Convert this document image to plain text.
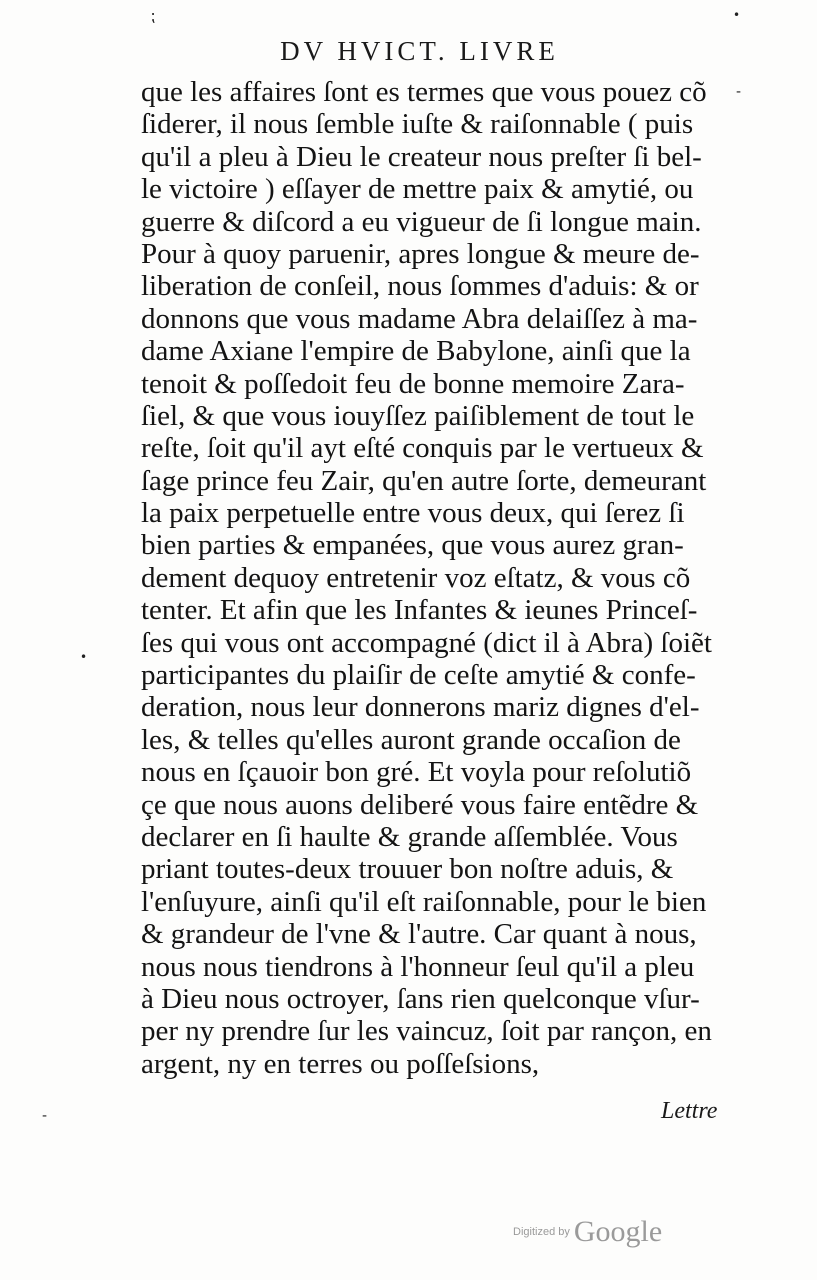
DV HVICT. LIVRE
que les affaires ſont es termes que vous pouez cõ
ſiderer, il nous ſemble iuſte & raiſonnable ( puis
qu'il a pleu à Dieu le createur nous preſter ſi bel-
le victoire ) eſſayer de mettre paix & amytié, ou
guerre & diſcord a eu vigueur de ſi longue main.
Pour à quoy paruenir, apres longue & meure de-
liberation de conſeil, nous ſommes d'aduis: & or
donnons que vous madame Abra delaiſſez à ma-
dame Axiane l'empire de Babylone, ainſi que la
tenoit & poſſedoit feu de bonne memoire Zara-
ſiel, & que vous iouyſſez paiſiblement de tout le
reſte, ſoit qu'il ayt eſté conquis par le vertueux &
ſage prince feu Zair, qu'en autre ſorte, demeurant
la paix perpetuelle entre vous deux, qui ſerez ſi
bien parties & empanées, que vous aurez gran-
dement dequoy entretenir voz eſtatz, & vous cõ
tenter. Et afin que les Infantes & ieunes Princeſ-
ſes qui vous ont accompagné (dict il à Abra) ſoiẽt
participantes du plaiſir de ceſte amytié & confe-
deration, nous leur donnerons mariz dignes d'el-
les, & telles qu'elles auront grande occaſion de
nous en ſçauoir bon gré. Et voyla pour reſolutiõ
çe que nous auons deliberé vous faire entẽdre &
declarer en ſi haulte & grande aſſemblée. Vous
priant toutes-deux trouuer bon noſtre aduis, &
l'enſuyure, ainſi qu'il eſt raiſonnable, pour le bien
& grandeur de l'vne & l'autre. Car quant à nous,
nous nous tiendrons à l'honneur ſeul qu'il a pleu
à Dieu nous octroyer, ſans rien quelconque vſur-
per ny prendre ſur les vaincuz, ſoit par rançon, en
argent, ny en terres ou poſſeſsions,
Lettre
Digitized by Google
⁏	•
‐
•
-
